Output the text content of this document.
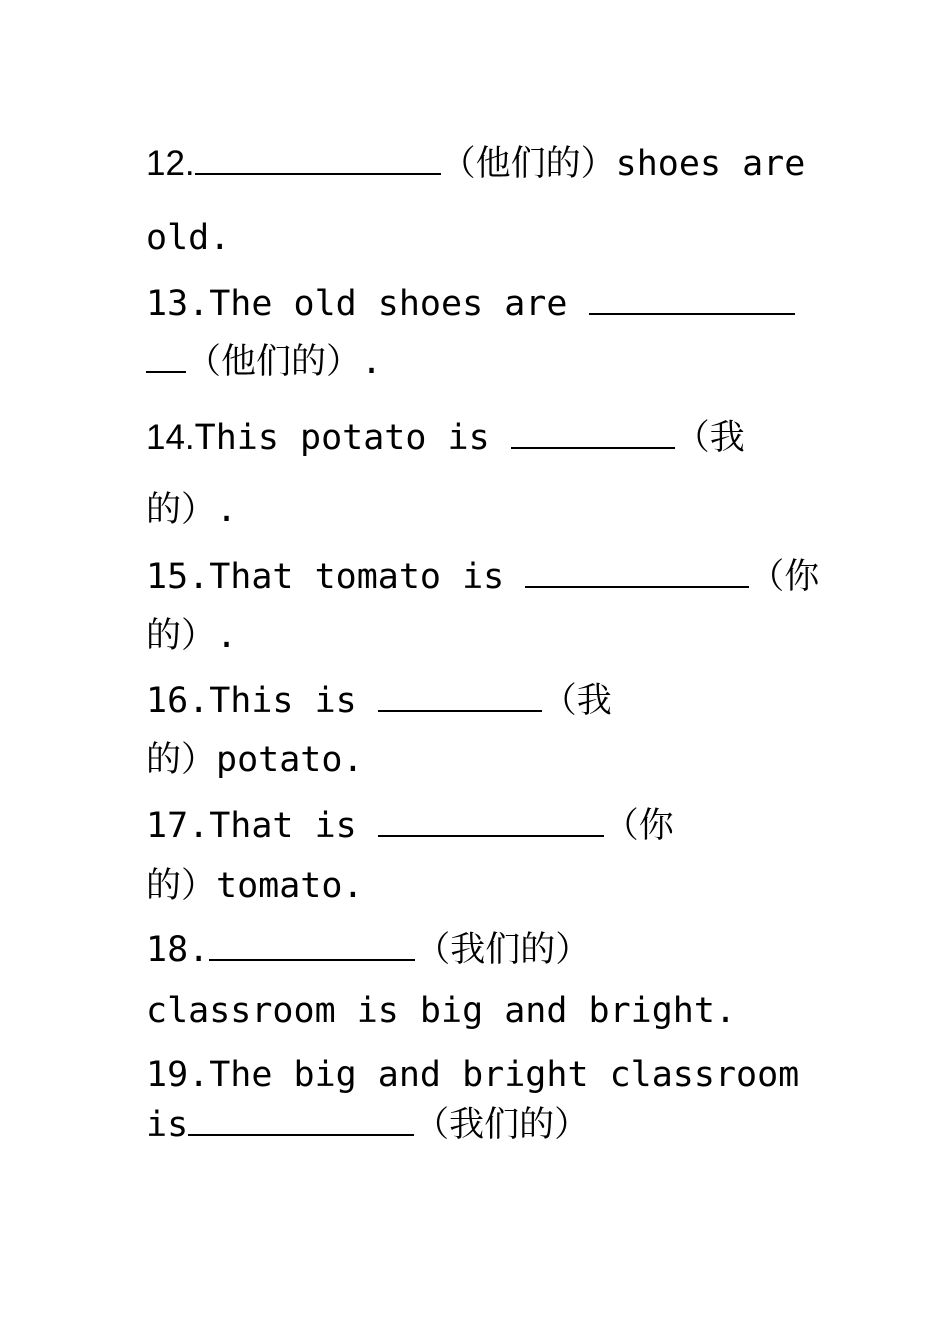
12.	（他们的）shoes are
old.
13.The old shoes are
（他们的）.
14.This potato is	（我
的）.
15.That tomato is	（你
的）.
16.This is	（我
的）potato.
17.That is	（你
的）tomato.
18.	（我们的）
classroom is big and bright.
19.The big and bright classroom
is	（我们的）
